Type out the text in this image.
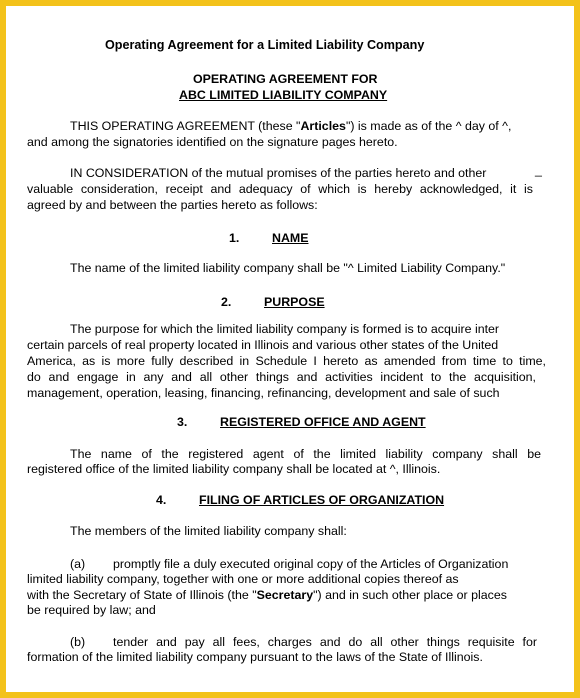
Operating Agreement for a Limited Liability Company
OPERATING AGREEMENT FOR
ABC LIMITED LIABILITY COMPANY
THIS OPERATING AGREEMENT (these "Articles") is made as of the ^ day of ^,
and among the signatories identified on the signature pages hereto.
IN CONSIDERATION of the mutual promises of the parties hereto and other	_
valuable consideration, receipt and adequacy of which is hereby acknowledged, it is
agreed by and between the parties hereto as follows:
1.	NAME
The name of the limited liability company shall be "^ Limited Liability Company."
2.	PURPOSE
The purpose for which the limited liability company is formed is to acquire inter
certain parcels of real property located in Illinois and various other states of the United
America, as is more fully described in Schedule I hereto as amended from time to time,
do and engage in any and all other things and activities incident to the acquisition,
management, operation, leasing, financing, refinancing, development and sale of such
3.	REGISTERED OFFICE AND AGENT
The name of the registered agent of the limited liability company shall be
registered office of the limited liability company shall be located at ^, Illinois.
4.	FILING OF ARTICLES OF ORGANIZATION
The members of the limited liability company shall:
(a) promptly file a duly executed original copy of the Articles of Organization
limited liability company, together with one or more additional copies thereof as
with the Secretary of State of Illinois (the "Secretary") and in such other place or places
be required by law; and
(b) tender and pay all fees, charges and do all other things requisite for
formation of the limited liability company pursuant to the laws of the State of Illinois.
